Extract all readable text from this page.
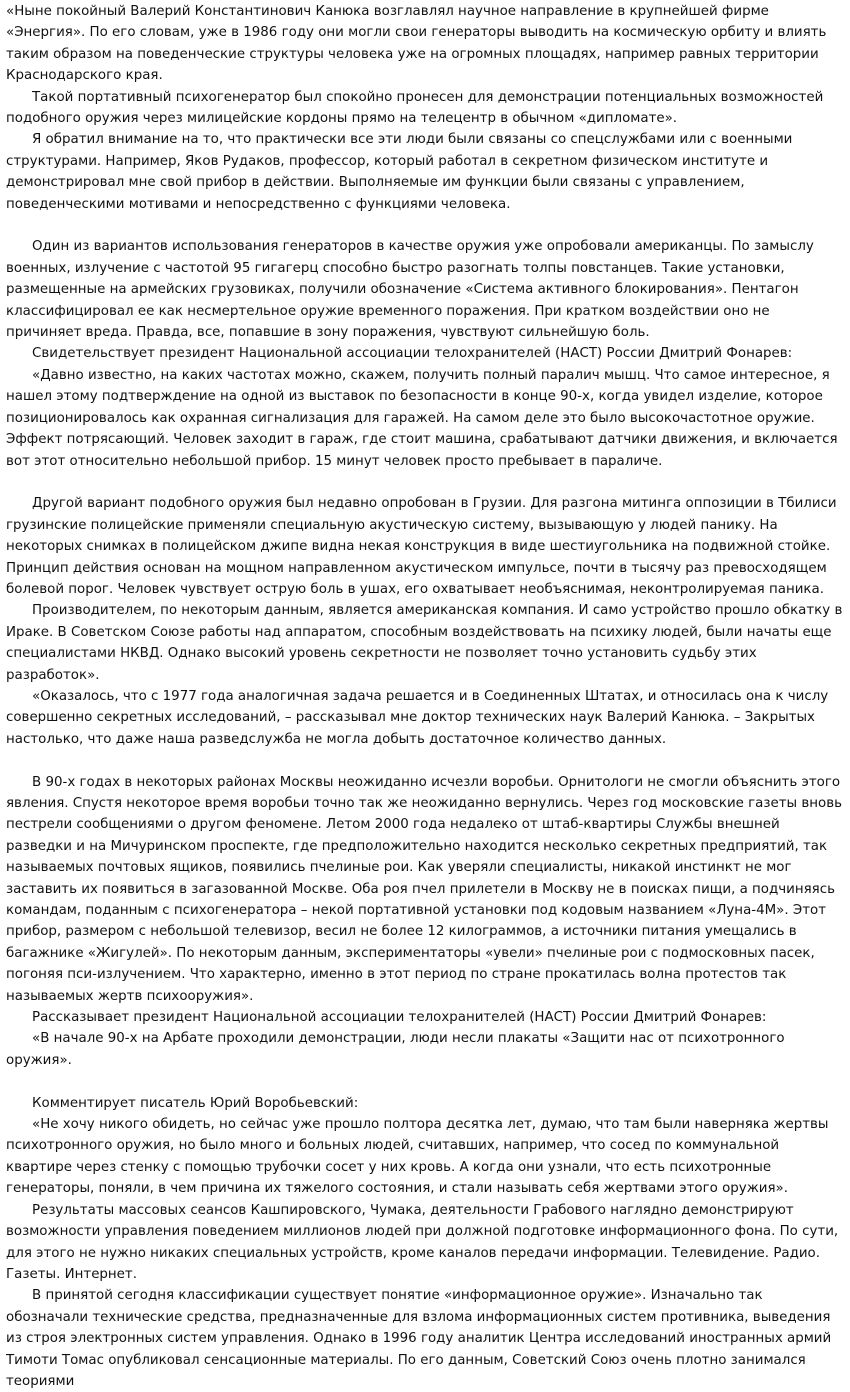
«Ныне покойный Валерий Константинович Канюка возглавлял научное направление в крупнейшей фирме «Энергия». По его словам, уже в 1986 году они могли свои генераторы выводить на космическую орбиту и влиять таким образом на поведенческие структуры человека уже на огромных площадях, например равных территории Краснодарского края.

Такой портативный психогенератор был спокойно пронесен для демонстрации потенциальных возможностей подобного оружия через милицейские кордоны прямо на телецентр в обычном «дипломате».

Я обратил внимание на то, что практически все эти люди были связаны со спецслужбами или с военными структурами. Например, Яков Рудаков, профессор, который работал в секретном физическом институте и демонстрировал мне свой прибор в действии. Выполняемые им функции были связаны с управлением, поведенческими мотивами и непосредственно с функциями человека.

Один из вариантов использования генераторов в качестве оружия уже опробовали американцы. По замыслу военных, излучение с частотой 95 гигагерц способно быстро разогнать толпы повстанцев. Такие установки, размещенные на армейских грузовиках, получили обозначение «Система активного блокирования». Пентагон классифицировал ее как несмертельное оружие временного поражения. При кратком воздействии оно не причиняет вреда. Правда, все, попавшие в зону поражения, чувствуют сильнейшую боль.

Свидетельствует президент Национальной ассоциации телохранителей (НАСТ) России Дмитрий Фонарев:

«Давно известно, на каких частотах можно, скажем, получить полный паралич мышц. Что самое интересное, я нашел этому подтверждение на одной из выставок по безопасности в конце 90-х, когда увидел изделие, которое позиционировалось как охранная сигнализация для гаражей. На самом деле это было высокочастотное оружие. Эффект потрясающий. Человек заходит в гараж, где стоит машина, срабатывают датчики движения, и включается вот этот относительно небольшой прибор. 15 минут человек просто пребывает в параличе.

Другой вариант подобного оружия был недавно опробован в Грузии. Для разгона митинга оппозиции в Тбилиси грузинские полицейские применяли специальную акустическую систему, вызывающую у людей панику. На некоторых снимках в полицейском джипе видна некая конструкция в виде шестиугольника на подвижной стойке. Принцип действия основан на мощном направленном акустическом импульсе, почти в тысячу раз превосходящем болевой порог. Человек чувствует острую боль в ушах, его охватывает необъяснимая, неконтролируемая паника.

Производителем, по некоторым данным, является американская компания. И само устройство прошло обкатку в Ираке. В Советском Союзе работы над аппаратом, способным воздействовать на психику людей, были начаты еще специалистами НКВД. Однако высокий уровень секретности не позволяет точно установить судьбу этих разработок».

«Оказалось, что с 1977 года аналогичная задача решается и в Соединенных Штатах, и относилась она к числу совершенно секретных исследований, – рассказывал мне доктор технических наук Валерий Канюка. – Закрытых настолько, что даже наша разведслужба не могла добыть достаточное количество данных.

В 90-х годах в некоторых районах Москвы неожиданно исчезли воробьи. Орнитологи не смогли объяснить этого явления. Спустя некоторое время воробьи точно так же неожиданно вернулись. Через год московские газеты вновь пестрели сообщениями о другом феномене. Летом 2000 года недалеко от штаб-квартиры Службы внешней разведки и на Мичуринском проспекте, где предположительно находится несколько секретных предприятий, так называемых почтовых ящиков, появились пчелиные рои. Как уверяли специалисты, никакой инстинкт не мог заставить их появиться в загазованной Москве. Оба роя пчел прилетели в Москву не в поисках пищи, а подчиняясь командам, поданным с психогенератора – некой портативной установки под кодовым названием «Луна-4М». Этот прибор, размером с небольшой телевизор, весил не более 12 килограммов, а источники питания умещались в багажнике «Жигулей». По некоторым данным, экспериментаторы «увели» пчелиные рои с подмосковных пасек, погоняя пси-излучением. Что характерно, именно в этот период по стране прокатилась волна протестов так называемых жертв психооружия».

Рассказывает президент Национальной ассоциации телохранителей (НАСТ) России Дмитрий Фонарев:

«В начале 90-х на Арбате проходили демонстрации, люди несли плакаты «Защити нас от психотронного оружия».

Комментирует писатель Юрий Воробьевский:

«Не хочу никого обидеть, но сейчас уже прошло полтора десятка лет, думаю, что там были наверняка жертвы психотронного оружия, но было много и больных людей, считавших, например, что сосед по коммунальной квартире через стенку с помощью трубочки сосет у них кровь. А когда они узнали, что есть психотронные генераторы, поняли, в чем причина их тяжелого состояния, и стали называть себя жертвами этого оружия».

Результаты массовых сеансов Кашпировского, Чумака, деятельности Грабового наглядно демонстрируют возможности управления поведением миллионов людей при должной подготовке информационного фона. По сути, для этого не нужно никаких специальных устройств, кроме каналов передачи информации. Телевидение. Радио. Газеты. Интернет.

В принятой сегодня классификации существует понятие «информационное оружие». Изначально так обозначали технические средства, предназначенные для взлома информационных систем противника, выведения из строя электронных систем управления. Однако в 1996 году аналитик Центра исследований иностранных армий Тимоти Томас опубликовал сенсационные материалы. По его данным, Советский Союз очень плотно занимался теориями
